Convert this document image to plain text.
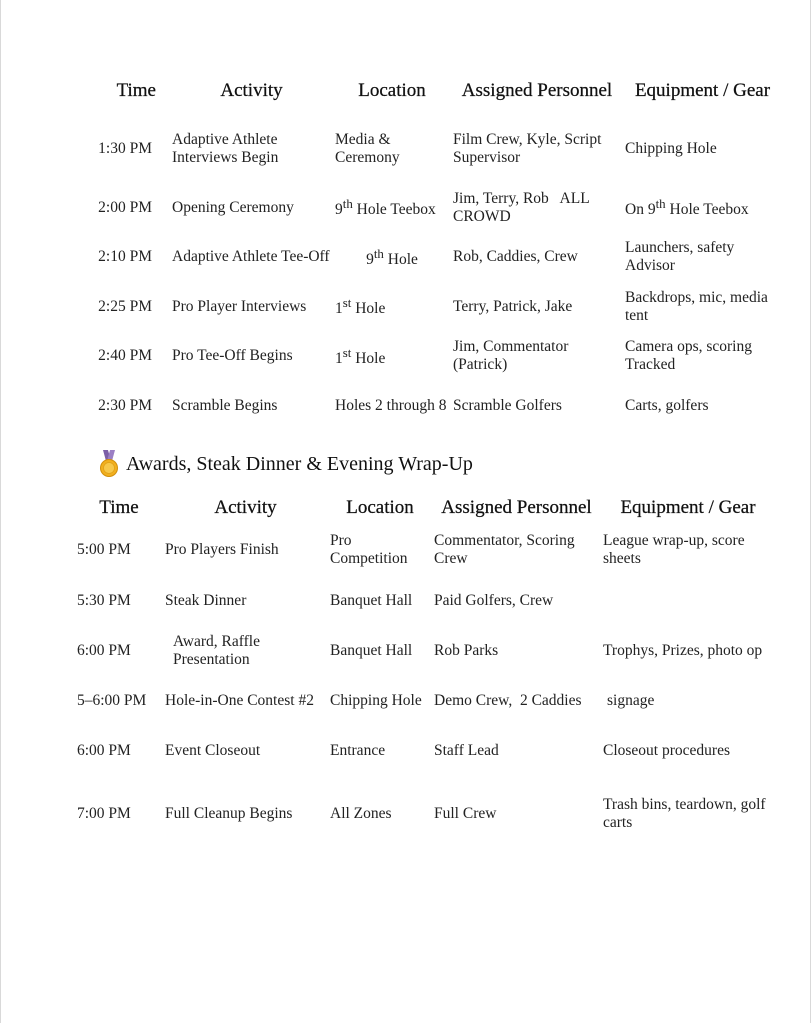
Time	Activity	Location	Assigned Personnel	Equipment / Gear
1:30 PM	Adaptive Athlete Interviews Begin	Media & Ceremony	Film Crew, Kyle, Script Supervisor	Chipping Hole
2:00 PM	Opening Ceremony	9th Hole Teebox	Jim, Terry, Rob   ALL CROWD	On 9th Hole Teebox
2:10 PM	Adaptive Athlete Tee-Off	9th Hole	Rob, Caddies, Crew	Launchers, safety Advisor
2:25 PM	Pro Player Interviews	1st Hole	Terry, Patrick, Jake	Backdrops, mic, media tent
2:40 PM	Pro Tee-Off Begins	1st Hole	Jim, Commentator (Patrick)	Camera ops, scoring Tracked
2:30 PM	Scramble Begins	Holes 2 through 8	Scramble Golfers	Carts, golfers
Awards, Steak Dinner & Evening Wrap-Up
Time	Activity	Location	Assigned Personnel	Equipment / Gear
5:00 PM	Pro Players Finish	Pro Competition	Commentator, Scoring Crew	League wrap-up, score sheets
5:30 PM	Steak Dinner	Banquet Hall	Paid Golfers, Crew	
6:00 PM	Award, Raffle Presentation	Banquet Hall	Rob Parks	Trophys, Prizes, photo op
5–6:00 PM	Hole-in-One Contest #2	Chipping Hole	Demo Crew,  2 Caddies	signage
6:00 PM	Event Closeout	Entrance	Staff Lead	Closeout procedures
7:00 PM	Full Cleanup Begins	All Zones	Full Crew	Trash bins, teardown, golf carts
